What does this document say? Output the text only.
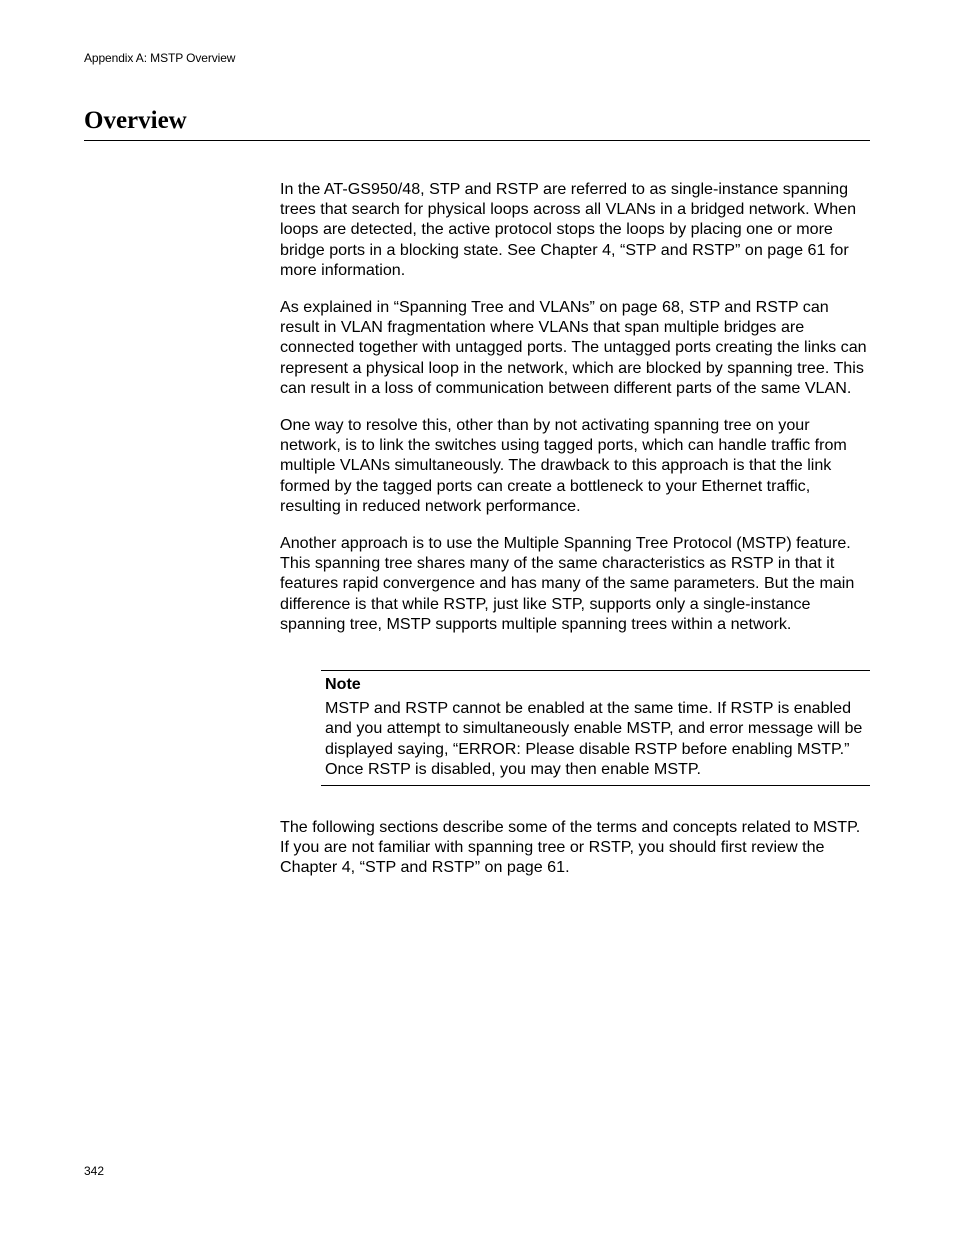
Appendix A: MSTP Overview
Overview

In the AT-GS950/48, STP and RSTP are referred to as single-instance spanning trees that search for physical loops across all VLANs in a bridged network. When loops are detected, the active protocol stops the loops by placing one or more bridge ports in a blocking state. See Chapter 4, “STP and RSTP” on page 61 for more information.

As explained in “Spanning Tree and VLANs” on page 68, STP and RSTP can result in VLAN fragmentation where VLANs that span multiple bridges are connected together with untagged ports. The untagged ports creating the links can represent a physical loop in the network, which are blocked by spanning tree. This can result in a loss of communication between different parts of the same VLAN.

One way to resolve this, other than by not activating spanning tree on your network, is to link the switches using tagged ports, which can handle traffic from multiple VLANs simultaneously. The drawback to this approach is that the link formed by the tagged ports can create a bottleneck to your Ethernet traffic, resulting in reduced network performance.

Another approach is to use the Multiple Spanning Tree Protocol (MSTP) feature. This spanning tree shares many of the same characteristics as RSTP in that it features rapid convergence and has many of the same parameters. But the main difference is that while RSTP, just like STP, supports only a single-instance spanning tree, MSTP supports multiple spanning trees within a network.

Note

MSTP and RSTP cannot be enabled at the same time. If RSTP is enabled and you attempt to simultaneously enable MSTP, and error message will be displayed saying, “ERROR: Please disable RSTP before enabling MSTP.” Once RSTP is disabled, you may then enable MSTP.

The following sections describe some of the terms and concepts related to MSTP. If you are not familiar with spanning tree or RSTP, you should first review the Chapter 4, “STP and RSTP” on page 61.

342
